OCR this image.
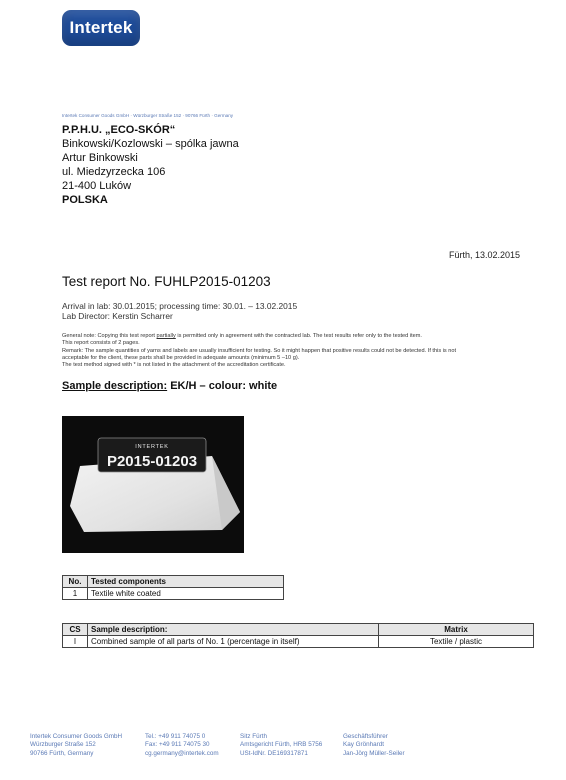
Intertek
Intertek Consumer Goods GmbH · Würzburger Straße 152 · 90766 Fürth · Germany
P.P.H.U. „ECO-SKÓR“
Binkowski/Kozlowski – spólka jawna
Artur Binkowski
ul. Miedzyrzecka 106
21-400 Luków
POLSKA
Fürth, 13.02.2015
Test report No. FUHLP2015-01203
Arrival in lab: 30.01.2015; processing time: 30.01. – 13.02.2015
Lab Director: Kerstin Scharrer
General note: Copying this test report partially is permitted only in agreement with the contracted lab. The test results refer only to the tested item.
This report consists of 2 pages.
Remark: The sample quantities of yarns and labels are usually insufficient for testing. So it might happen that positive results could not be detected. If this is not
acceptable for the client, these parts shall be provided in adequate amounts (minimum 5 –10 g).
The test method signed with * is not listed in the attachment of the accreditation certificate.
Sample description: EK/H – colour: white
INTERTEK
P2015-01203
No.	Tested components
1	Textile white coated
CS	Sample description:	Matrix
I	Combined sample of all parts of No. 1 (percentage in itself)	Textile / plastic
Intertek Consumer Goods GmbH
Würzburger Straße 152
90766 Fürth, Germany
Tel.: +49 911 74075 0
Fax: +49 911 74075 30
cg.germany@intertek.com
Sitz Fürth
Amtsgericht Fürth, HRB 5756
USt-IdNr. DE169317871
Geschäftsführer
Kay Grönhardt
Jan-Jörg Müller-Seiler
